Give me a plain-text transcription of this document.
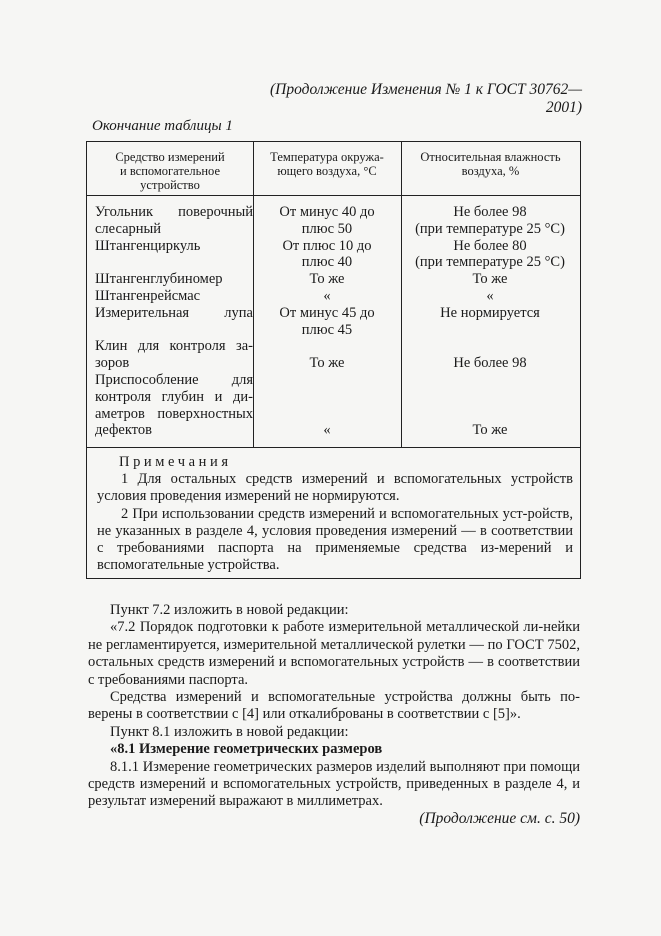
(Продолжение Изменения № 1 к ГОСТ 30762—2001)
Окончание таблицы 1
Средство измерений
и вспомогательное
устройство
Температура окружа-
ющего воздуха, °С
Относительная влажность
воздуха, %
Угольник поверочный
слесарный
Штангенциркуль
Штангенглубиномер
Штангенрейсмас
Измерительная лупа
Клин для контроля за-
зоров
Приспособление для
контроля глубин и ди-
аметров поверхностных
дефектов
От минус 40 до
плюс 50
От плюс 10 до
плюс 40
То же
«
От минус 45 до
плюс 45
То же
«
Не более 98
(при температуре 25 °С)
Не более 80
(при температуре 25 °С)
То же
«
Не нормируется
Не более 98
То же
Примечания

1 Для остальных средств измерений и вспомогательных устройств условия проведения измерений не нормируются.

2 При использовании средств измерений и вспомогательных уст-ройств, не указанных в разделе 4, условия проведения измерений — в соответствии с требованиями паспорта на применяемые средства из-мерений и вспомогательные устройства.

Пункт 7.2 изложить в новой редакции:

«7.2 Порядок подготовки к работе измерительной металлической ли-нейки не регламентируется, измерительной металлической рулетки — по ГОСТ 7502, остальных средств измерений и вспомогательных устройств — в соответствии с требованиями паспорта.

Средства измерений и вспомогательные устройства должны быть по-верены в соответствии с [4] или откалиброваны в соответствии с [5]».

Пункт 8.1 изложить в новой редакции:

«8.1 Измерение геометрических размеров

8.1.1 Измерение геометрических размеров изделий выполняют при помощи средств измерений и вспомогательных устройств, приведенных в разделе 4, и результат измерений выражают в миллиметрах.

(Продолжение см. с. 50)
